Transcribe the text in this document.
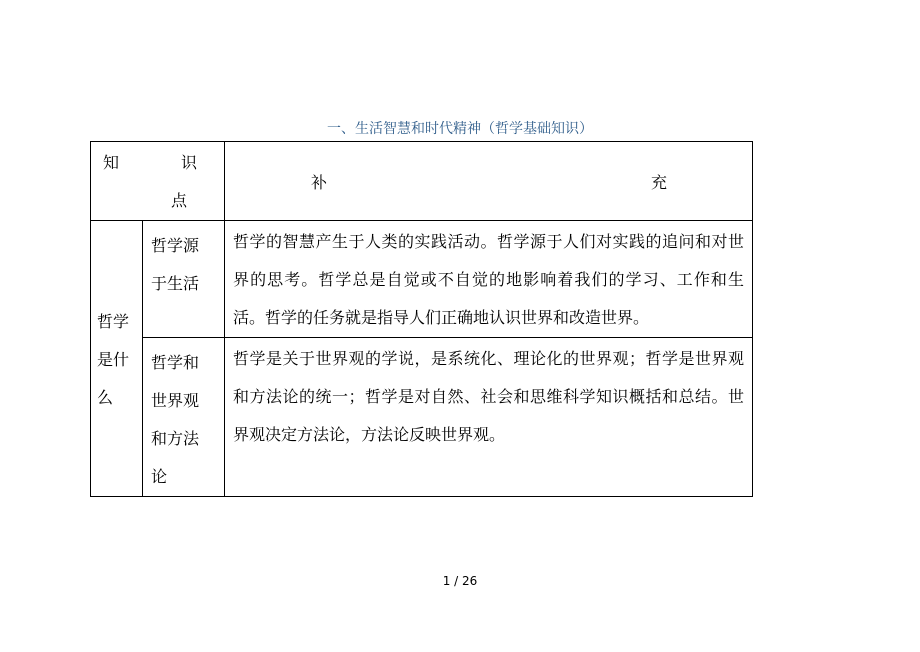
一、生活智慧和时代精神（哲学基础知识）
知 识
点		补 充

哲学是什么	哲学源于生活	哲学的智慧产生于人类的实践活动。哲学源于人们对实践的追问和对世界的思考。哲学总是自觉或不自觉的地影响着我们的学习、工作和生活。哲学的任务就是指导人们正确地认识世界和改造世界。

	哲学和世界观和方法论	哲学是关于世界观的学说，是系统化、理论化的世界观；哲学是世界观和方法论的统一；哲学是对自然、社会和思维科学知识概括和总结。世界观决定方法论，方法论反映世界观。
1 / 26
